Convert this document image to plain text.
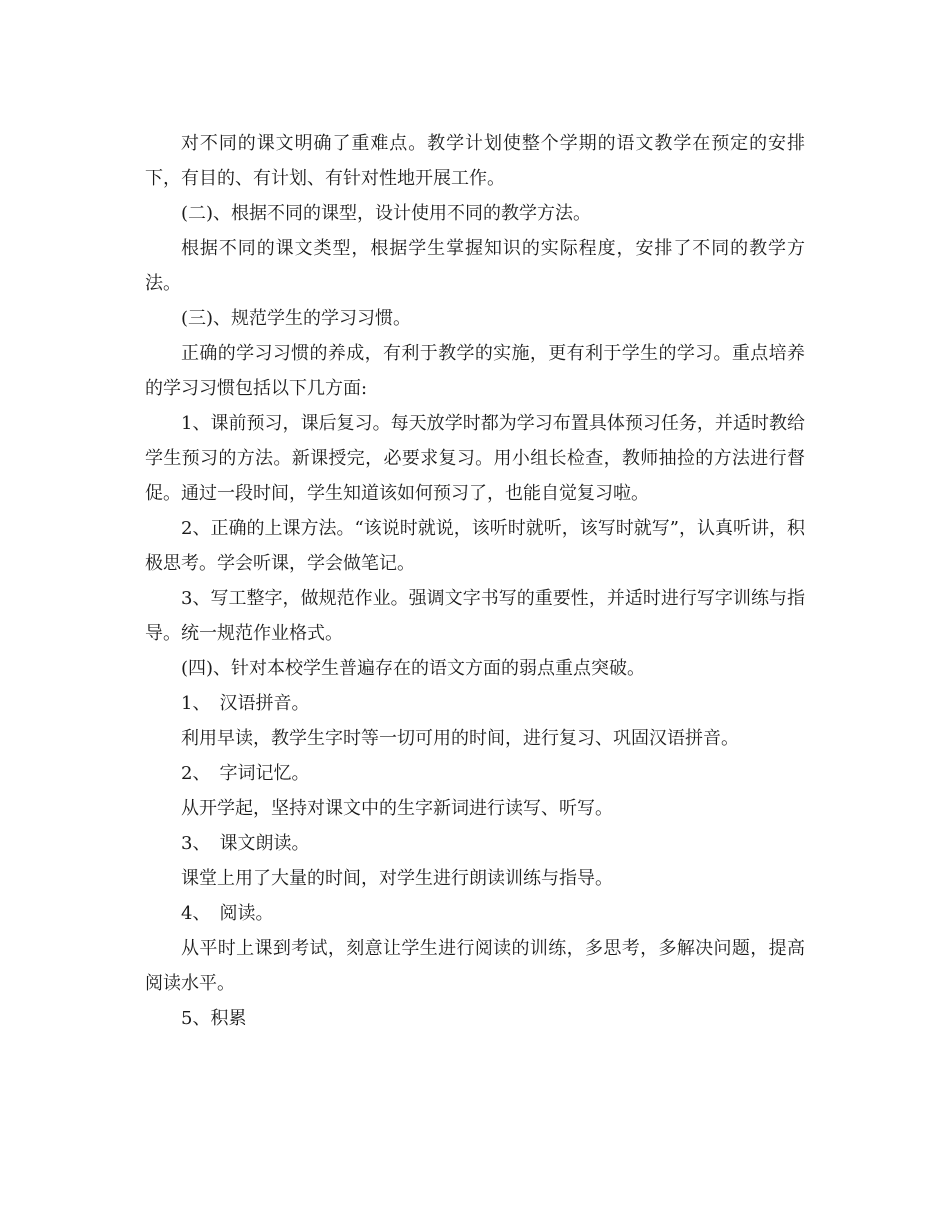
对不同的课文明确了重难点。教学计划使整个学期的语文教学在预定的安排下，有目的、有计划、有针对性地开展工作。

(二)、根据不同的课型，设计使用不同的教学方法。

根据不同的课文类型，根据学生掌握知识的实际程度，安排了不同的教学方法。

(三)、规范学生的学习习惯。

正确的学习习惯的养成，有利于教学的实施，更有利于学生的学习。重点培养的学习习惯包括以下几方面:

1、课前预习，课后复习。每天放学时都为学习布置具体预习任务，并适时教给学生预习的方法。新课授完，必要求复习。用小组长检查，教师抽捡的方法进行督促。通过一段时间，学生知道该如何预习了，也能自觉复习啦。

2、正确的上课方法。“该说时就说，该听时就听，该写时就写”，认真听讲，积极思考。学会听课，学会做笔记。

3、写工整字，做规范作业。强调文字书写的重要性，并适时进行写字训练与指导。统一规范作业格式。

(四)、针对本校学生普遍存在的语文方面的弱点重点突破。

1、　汉语拼音。

利用早读，教学生字时等一切可用的时间，进行复习、巩固汉语拼音。

2、　字词记忆。

从开学起，坚持对课文中的生字新词进行读写、听写。

3、　课文朗读。

课堂上用了大量的时间，对学生进行朗读训练与指导。

4、　阅读。

从平时上课到考试，刻意让学生进行阅读的训练，多思考，多解决问题，提高阅读水平。

5、积累
